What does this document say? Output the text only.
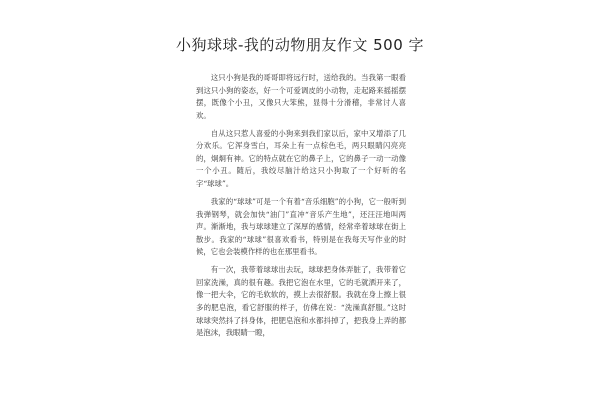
小狗球球-我的动物朋友作文 500 字

这只小狗是我的哥哥即将远行时，送给我的。当我第一眼看到这只小狗的姿态，好一个可爱调皮的小动物，走起路来摇摇摆摆，既像个小丑，又像只大笨熊，显得十分滑稽，非常讨人喜欢。

自从这只惹人喜爱的小狗来到我们家以后，家中又增添了几分欢乐。它浑身雪白，耳朵上有一点棕色毛，两只眼睛闪亮亮的，炯炯有神。它的特点就在它的鼻子上，它的鼻子一动一动像一个小丑。随后，我绞尽脑汁给这只小狗取了一个好听的名字“球球”。

我家的“球球”可是一个有着“音乐细胞”的小狗，它一般听到我弹钢琴，就会加快“油门”直冲“音乐产生地”，还汪汪地叫两声。渐渐地，我与球球建立了深厚的感情，经常牵着球球在街上散步。我家的“球球”很喜欢看书，特别是在我每天写作业的时候，它也会装模作样的也在那里看书。

有一次，我带着球球出去玩，球球把身体弄脏了，我带着它回家洗澡，真的很有趣。我把它泡在水里，它的毛就洒开来了，像一把大伞，它的毛软软的，摸上去很舒服。我就在身上擦上很多的肥皂泡，看它舒服的样子，仿佛在说：“洗澡真舒服。”这时球球突然抖了抖身体，把肥皂泡和水都抖掉了，把我身上弄的都是泡沫，我眼睛一瞪，
